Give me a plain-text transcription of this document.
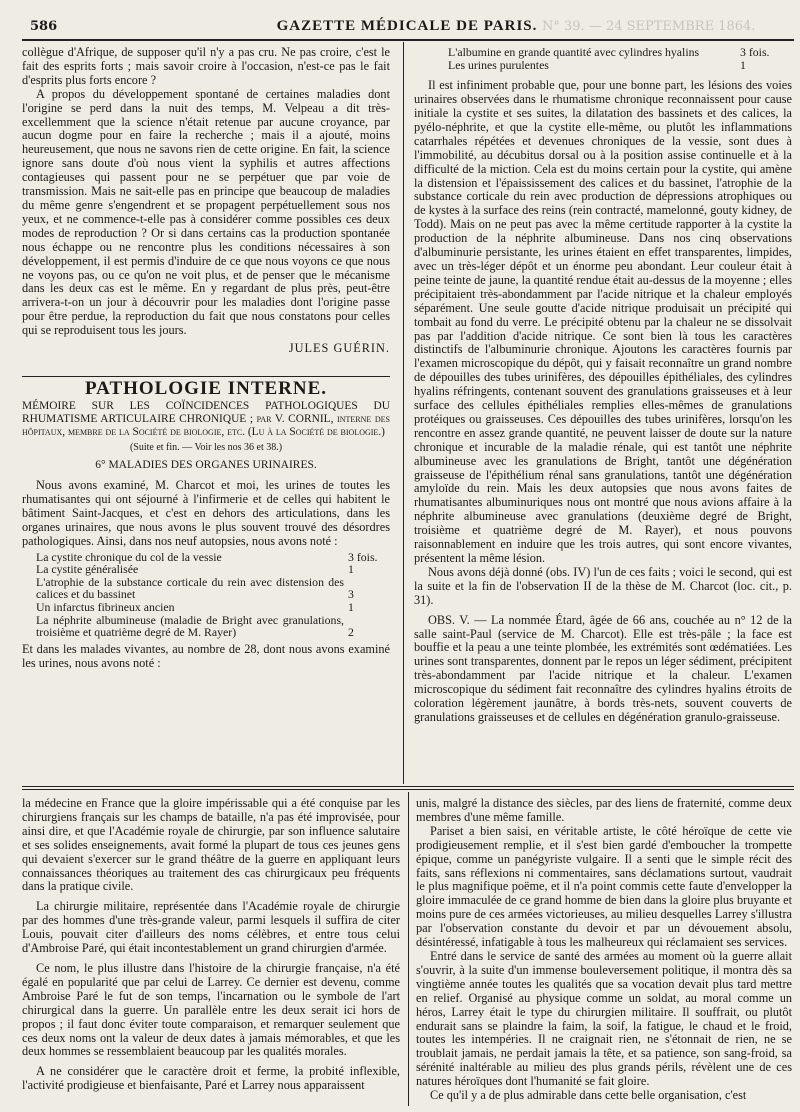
586	GAZETTE MÉDICALE DE PARIS. N° 39. — 24 SEPTEMBRE 1864.

collègue d'Afrique, de supposer qu'il n'y a pas cru. Ne pas croire, c'est le fait des esprits forts ; mais savoir croire à l'occasion, n'est-ce pas le fait d'esprits plus forts encore ?

A propos du développement spontané de certaines maladies dont l'origine se perd dans la nuit des temps, M. Velpeau a dit très-excellemment que la science n'était retenue par aucune croyance, par aucun dogme pour en faire la recherche ; mais il a ajouté, moins heureusement, que nous ne savons rien de cette origine. En fait, la science ignore sans doute d'où nous vient la syphilis et autres affections contagieuses qui passent pour ne se perpétuer que par voie de transmission. Mais ne sait-elle pas en principe que beaucoup de maladies du même genre s'engendrent et se propagent perpétuellement sous nos yeux, et ne commence-t-elle pas à considérer comme possibles ces deux modes de reproduction ? Or si dans certains cas la production spontanée nous échappe ou ne rencontre plus les conditions nécessaires à son développement, il est permis d'induire de ce que nous voyons ce que nous ne voyons pas, ou ce qu'on ne voit plus, et de penser que le mécanisme dans les deux cas est le même. En y regardant de plus près, peut-être arrivera-t-on un jour à découvrir pour les maladies dont l'origine passe pour être perdue, la reproduction du fait que nous constatons pour celles qui se reproduisent tous les jours.

JULES GUÉRIN.

PATHOLOGIE INTERNE.

MÉMOIRE SUR LES COÏNCIDENCES PATHOLOGIQUES DU RHUMATISME ARTICULAIRE CHRONIQUE ; par V. CORNIL, interne des hôpitaux, membre de la Société de biologie, etc. (Lu à la Société de biologie.)

(Suite et fin. — Voir les nos 36 et 38.)

6° MALADIES DES ORGANES URINAIRES.

Nous avons examiné, M. Charcot et moi, les urines de toutes les rhumatisantes qui ont séjourné à l'infirmerie et de celles qui habitent le bâtiment Saint-Jacques, et c'est en dehors des articulations, dans les organes urinaires, que nous avons le plus souvent trouvé des désordres pathologiques. Ainsi, dans nos neuf autopsies, nous avons noté :

La cystite chronique du col de la vessie	3 fois.
La cystite généralisée	1
L'atrophie de la substance corticale du rein avec distension des calices et du bassinet	3
Un infarctus fibrineux ancien	1
La néphrite albumineuse (maladie de Bright avec granulations, troisième et quatrième degré de M. Rayer)	2

Et dans les malades vivantes, au nombre de 28, dont nous avons examiné les urines, nous avons noté :

L'albumine en grande quantité avec cylindres hyalins	3 fois.
Les urines purulentes	1

Il est infiniment probable que, pour une bonne part, les lésions des voies urinaires observées dans le rhumatisme chronique reconnaissent pour cause initiale la cystite et ses suites, la dilatation des bassinets et des calices, la pyélo-néphrite, et que la cystite elle-même, ou plutôt les inflammations catarrhales répétées et devenues chroniques de la vessie, sont dues à l'immobilité, au décubitus dorsal ou à la position assise continuelle et à la difficulté de la miction. Cela est du moins certain pour la cystite, qui amène la distension et l'épaississement des calices et du bassinet, l'atrophie de la substance corticale du rein avec production de dépressions atrophiques ou de kystes à la surface des reins (rein contracté, mamelonné, gouty kidney, de Todd). Mais on ne peut pas avec la même certitude rapporter à la cystite la production de la néphrite albumineuse. Dans nos cinq observations d'albuminurie persistante, les urines étaient en effet transparentes, limpides, avec un très-léger dépôt et un énorme peu abondant. Leur couleur était à peine teinte de jaune, la quantité rendue était au-dessus de la moyenne ; elles précipitaient très-abondamment par l'acide nitrique et la chaleur employés séparément. Une seule goutte d'acide nitrique produisait un précipité qui tombait au fond du verre. Le précipité obtenu par la chaleur ne se dissolvait pas par l'addition d'acide nitrique. Ce sont bien là tous les caractères distinctifs de l'albuminurie chronique. Ajoutons les caractères fournis par l'examen microscopique du dépôt, qui y faisait reconnaître un grand nombre de dépouilles des tubes urinifères, des dépouilles épithéliales, des cylindres hyalins réfringents, contenant souvent des granulations graisseuses et à leur surface des cellules épithéliales remplies elles-mêmes de granulations protéiques ou graisseuses. Ces dépouilles des tubes urinifères, lorsqu'on les rencontre en assez grande quantité, ne peuvent laisser de doute sur la nature chronique et incurable de la maladie rénale, qui est tantôt une néphrite albumineuse avec les granulations de Bright, tantôt une dégénération graisseuse de l'épithélium rénal sans granulations, tantôt une dégénération amyloïde du rein. Mais les deux autopsies que nous avons faites de rhumatisantes albuminuriques nous ont montré que nous avions affaire à la néphrite albumineuse avec granulations (deuxième degré de Bright, troisième et quatrième degré de M. Rayer), et nous pouvons raisonnablement en induire que les trois autres, qui sont encore vivantes, présentent la même lésion.

Nous avons déjà donné (obs. IV) l'un de ces faits ; voici le second, qui est la suite et la fin de l'observation II de la thèse de M. Charcot (loc. cit., p. 31).

OBS. V. — La nommée Étard, âgée de 66 ans, couchée au n° 12 de la salle saint-Paul (service de M. Charcot). Elle est très-pâle ; la face est bouffie et la peau a une teinte plombée, les extrémités sont œdématiées. Les urines sont transparentes, donnent par le repos un léger sédiment, précipitent très-abondamment par l'acide nitrique et la chaleur. L'examen microscopique du sédiment fait reconnaître des cylindres hyalins étroits de coloration légèrement jaunâtre, à bords très-nets, souvent couverts de granulations graisseuses et de cellules en dégénération granulo-graisseuse.

la médecine en France que la gloire impérissable qui a été conquise par les chirurgiens français sur les champs de bataille, n'a pas été improvisée, pour ainsi dire, et que l'Académie royale de chirurgie, par son influence salutaire et ses solides enseignements, avait formé la plupart de tous ces jeunes gens qui devaient s'exercer sur le grand théâtre de la guerre en appliquant leurs connaissances théoriques au traitement des cas chirurgicaux peu fréquents dans la pratique civile.

La chirurgie militaire, représentée dans l'Académie royale de chirurgie par des hommes d'une très-grande valeur, parmi lesquels il suffira de citer Louis, pouvait citer d'ailleurs des noms célèbres, et entre tous celui d'Ambroise Paré, qui était incontestablement un grand chirurgien d'armée.

Ce nom, le plus illustre dans l'histoire de la chirurgie française, n'a été égalé en popularité que par celui de Larrey. Ce dernier est devenu, comme Ambroise Paré le fut de son temps, l'incarnation ou le symbole de l'art chirurgical dans la guerre. Un parallèle entre les deux serait ici hors de propos ; il faut donc éviter toute comparaison, et remarquer seulement que ces deux noms ont la valeur de deux dates à jamais mémorables, et que les deux hommes se ressemblaient beaucoup par les qualités morales.

A ne considérer que le caractère droit et ferme, la probité inflexible, l'activité prodigieuse et bienfaisante, Paré et Larrey nous apparaissent

unis, malgré la distance des siècles, par des liens de fraternité, comme deux membres d'une même famille.

Pariset a bien saisi, en véritable artiste, le côté héroïque de cette vie prodigieusement remplie, et il s'est bien gardé d'emboucher la trompette épique, comme un panégyriste vulgaire. Il a senti que le simple récit des faits, sans réflexions ni commentaires, sans déclamations surtout, vaudrait le plus magnifique poëme, et il n'a point commis cette faute d'envelopper la gloire immaculée de ce grand homme de bien dans la gloire plus bruyante et moins pure de ces armées victorieuses, au milieu desquelles Larrey s'illustra par l'observation constante du devoir et par un dévouement absolu, désintéressé, infatigable à tous les malheureux qui réclamaient ses services.

Entré dans le service de santé des armées au moment où la guerre allait s'ouvrir, à la suite d'un immense bouleversement politique, il montra dès sa vingtième année toutes les qualités que sa vocation devait plus tard mettre en relief. Organisé au physique comme un soldat, au moral comme un héros, Larrey était le type du chirurgien militaire. Il souffrait, ou plutôt endurait sans se plaindre la faim, la soif, la fatigue, le chaud et le froid, toutes les intempéries. Il ne craignait rien, ne s'étonnait de rien, ne se troublait jamais, ne perdait jamais la tête, et sa patience, son sang-froid, sa sérénité inaltérable au milieu des plus grands périls, révèlent une de ces natures héroïques dont l'humanité se fait gloire.

Ce qu'il y a de plus admirable dans cette belle organisation, c'est
